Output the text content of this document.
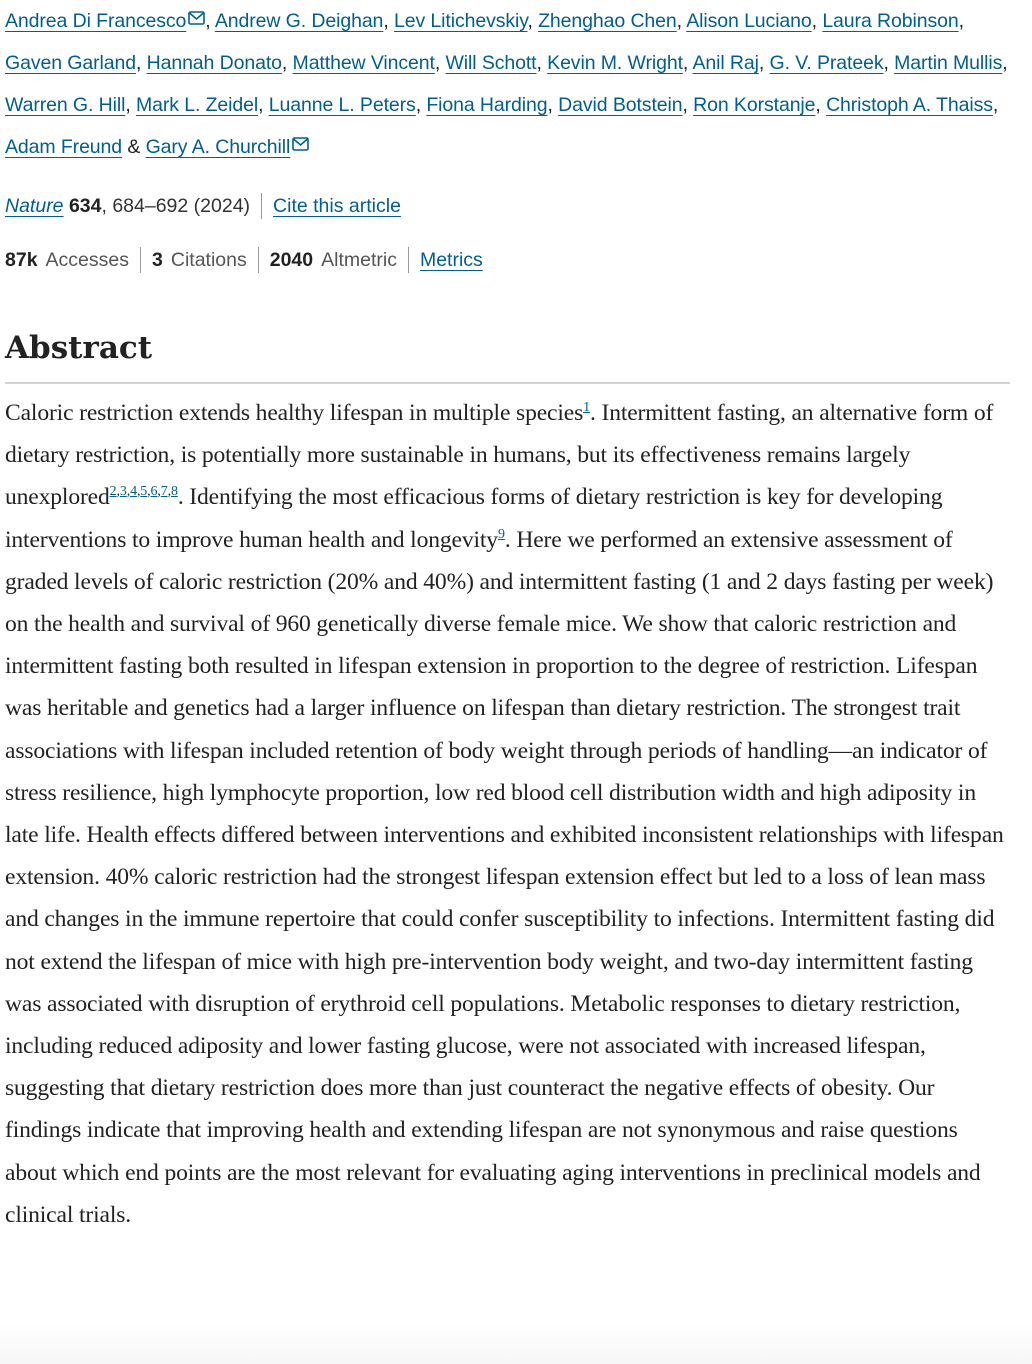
Andrea Di Francesco , Andrew G. Deighan, Lev Litichevskiy, Zhenghao Chen, Alison Luciano, Laura Robinson, Gaven Garland, Hannah Donato, Matthew Vincent, Will Schott, Kevin M. Wright, Anil Raj, G. V. Prateek, Martin Mullis, Warren G. Hill, Mark L. Zeidel, Luanne L. Peters, Fiona Harding, David Botstein, Ron Korstanje, Christoph A. Thaiss, Adam Freund & Gary A. Churchill

Nature
634 , 684–692 (2024) Cite this article
87k Accesses 3 Citations 2040 Altmetric Metrics
Abstract

Caloric restriction extends healthy lifespan in multiple species$^1$. Intermittent fasting, an alternative form of dietary restriction, is potentially more sustainable in humans, but its effectiveness remains largely unexplored$^{2,3,4,5,6,7,8}$. Identifying the most efficacious forms of dietary restriction is key for developing interventions to improve human health and longevity$^9$. Here we performed an extensive assessment of graded levels of caloric restriction (20% and 40%) and intermittent fasting (1 and 2 days fasting per week) on the health and survival of 960 genetically diverse female mice. We show that caloric restriction and intermittent fasting both resulted in lifespan extension in proportion to the degree of restriction. Lifespan was heritable and genetics had a larger influence on lifespan than dietary restriction. The strongest trait associations with lifespan included retention of body weight through periods of handling—an indicator of stress resilience, high lymphocyte proportion, low red blood cell distribution width and high adiposity in late life. Health effects differed between interventions and exhibited inconsistent relationships with lifespan extension. 40% caloric restriction had the strongest lifespan extension effect but led to a loss of lean mass and changes in the immune repertoire that could confer susceptibility to infections. Intermittent fasting did not extend the lifespan of mice with high pre-intervention body weight, and two-day intermittent fasting was associated with disruption of erythroid cell populations. Metabolic responses to dietary restriction, including reduced adiposity and lower fasting glucose, were not associated with increased lifespan, suggesting that dietary restriction does more than just counteract the negative effects of obesity. Our findings indicate that improving health and extending lifespan are not synonymous and raise questions about which end points are the most relevant for evaluating aging interventions in preclinical models and clinical trials.
